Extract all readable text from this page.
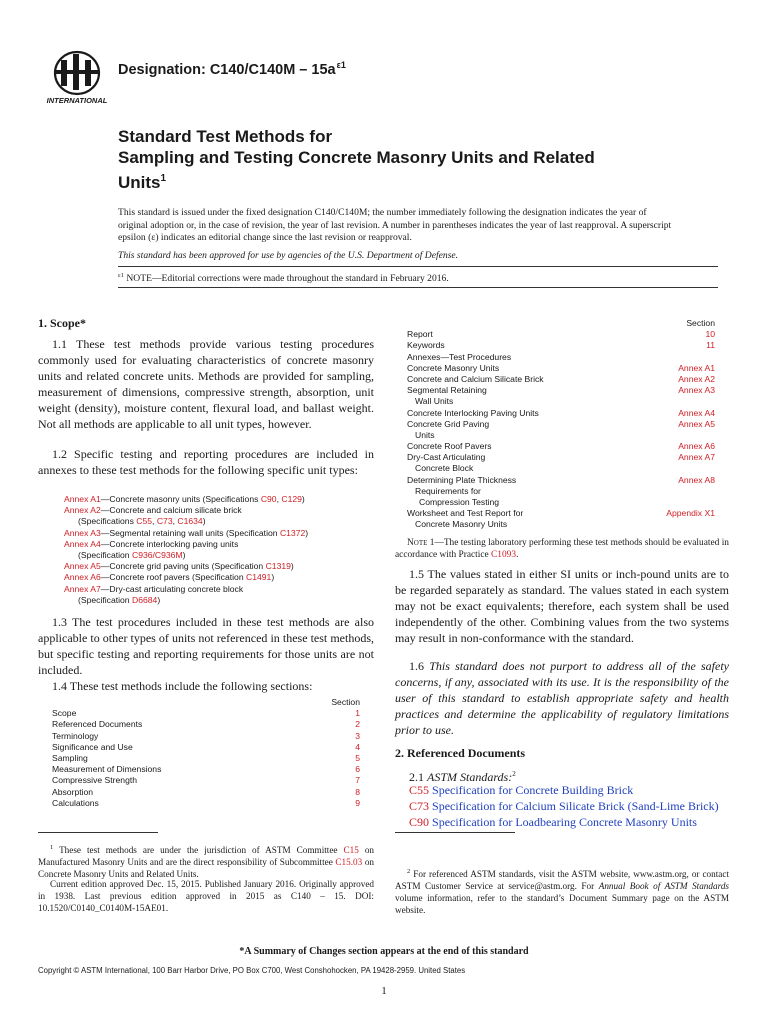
INTERNATIONAL
Designation: $C140/C140M - 15a^{\varepsilon 1}$
Standard Test Methods for
Sampling and Testing Concrete Masonry Units and Related
Units$^1$
This standard is issued under the fixed designation C140/C140M; the number immediately following the designation indicates the year of original adoption or, in the case of revision, the year of last revision. A number in parentheses indicates the year of last reapproval. A superscript epsilon (ε) indicates an editorial change since the last revision or reapproval.
This standard has been approved for use by agencies of the U.S. Department of Defense.
$^{\varepsilon 1}$ NOTE—Editorial corrections were made throughout the standard in February 2016.
1. Scope*
1.1 These test methods provide various testing procedures commonly used for evaluating characteristics of concrete masonry units and related concrete units. Methods are provided for sampling, measurement of dimensions, compressive strength, absorption, unit weight (density), moisture content, flexural load, and ballast weight. Not all methods are applicable to all unit types, however.
1.2 Specific testing and reporting procedures are included in annexes to these test methods for the following specific unit types:
Annex A1—Concrete masonry units (Specifications C90, C129)
Annex A2—Concrete and calcium silicate brick
(Specifications C55, C73, C1634)
Annex A3—Segmental retaining wall units (Specification C1372)
Annex A4—Concrete interlocking paving units
(Specification C936/C936M)
Annex A5—Concrete grid paving units (Specification C1319)
Annex A6—Concrete roof pavers (Specification C1491)
Annex A7—Dry-cast articulating concrete block
(Specification D6684)
1.3 The test procedures included in these test methods are also applicable to other types of units not referenced in these test methods, but specific testing and reporting requirements for those units are not included.
1.4 These test methods include the following sections:
Section
Scope	1
Referenced Documents	2
Terminology	3
Significance and Use	4
Sampling	5
Measurement of Dimensions	6
Compressive Strength	7
Absorption	8
Calculations	9
$^1$ These test methods are under the jurisdiction of ASTM Committee C15 on Manufactured Masonry Units and are the direct responsibility of Subcommittee C15.03 on Concrete Masonry Units and Related Units.
Current edition approved Dec. 15, 2015. Published January 2016. Originally approved in 1938. Last previous edition approved in 2015 as C140 – 15. DOI: 10.1520/C0140_C0140M-15AE01.
Section
Report	10
Keywords	11
Annexes—Test Procedures
Concrete Masonry Units	Annex A1
Concrete and Calcium Silicate Brick	Annex A2
Segmental Retaining	Annex A3
Wall Units
Concrete Interlocking Paving Units	Annex A4
Concrete Grid Paving	Annex A5
Units
Concrete Roof Pavers	Annex A6
Dry-Cast Articulating	Annex A7
Concrete Block
Determining Plate Thickness	Annex A8
Requirements for
Compression Testing
Worksheet and Test Report for	Appendix X1
Concrete Masonry Units
Note 1—The testing laboratory performing these test methods should be evaluated in accordance with Practice C1093.
1.5 The values stated in either SI units or inch-pound units are to be regarded separately as standard. The values stated in each system may not be exact equivalents; therefore, each system shall be used independently of the other. Combining values from the two systems may result in non-conformance with the standard.
1.6 This standard does not purport to address all of the safety concerns, if any, associated with its use. It is the responsibility of the user of this standard to establish appropriate safety and health practices and determine the applicability of regulatory limitations prior to use.
2. Referenced Documents
2.1 ASTM Standards:$^2$
C55 Specification for Concrete Building Brick
C73 Specification for Calcium Silicate Brick (Sand-Lime Brick)
C90 Specification for Loadbearing Concrete Masonry Units
$^2$ For referenced ASTM standards, visit the ASTM website, www.astm.org, or contact ASTM Customer Service at service@astm.org. For Annual Book of ASTM Standards volume information, refer to the standard’s Document Summary page on the ASTM website.
*A Summary of Changes section appears at the end of this standard
Copyright © ASTM International, 100 Barr Harbor Drive, PO Box C700, West Conshohocken, PA 19428-2959. United States
1
